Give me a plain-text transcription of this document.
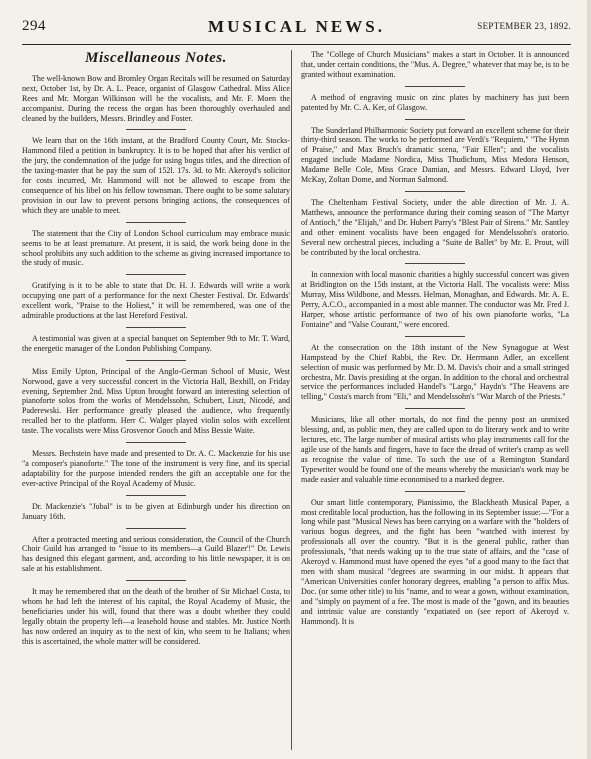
294	MUSICAL NEWS.	SEPTEMBER 23, 1892.
Miscellaneous Notes.

The well-known Bow and Bromley Organ Recitals will be resumed on Saturday next, October 1st, by Dr. A. L. Peace, organist of Glasgow Cathedral. Miss Alice Rees and Mr. Morgan Wilkinson will be the vocalists, and Mr. F. Moen the accompanist. During the recess the organ has been thoroughly overhauled and cleaned by the builders, Messrs. Brindley and Foster.

We learn that on the 16th instant, at the Bradford County Court, Mr. Stocks-Hammond filed a petition in bankruptcy. It is to be hoped that after his verdict of the jury, the condemnation of the judge for using bogus titles, and the direction of the taxing-master that he pay the sum of 152l. 17s. 3d. to Mr. Akeroyd's solicitor for costs incurred, Mr. Hammond will not be allowed to escape from the consequence of his libel on his fellow townsman. There ought to be some salutary provision in our law to prevent persons bringing actions, the consequences of which they are unable to meet.

The statement that the City of London School curriculum may embrace music seems to be at least premature. At present, it is said, the work being done in the school prohibits any such addition to the scheme as giving increased importance to the study of music.

Gratifying is it to be able to state that Dr. H. J. Edwards will write a work occupying one part of a performance for the next Chester Festival. Dr. Edwards' excellent work, "Praise to the Holiest," it will be remembered, was one of the admirable productions at the last Hereford Festival.

A testimonial was given at a special banquet on September 9th to Mr. T. Ward, the energetic manager of the London Publishing Company.

Miss Emily Upton, Principal of the Anglo-German School of Music, West Norwood, gave a very successful concert in the Victoria Hall, Bexhill, on Friday evening, September 2nd. Miss Upton brought forward an interesting selection of pianoforte solos from the works of Mendelssohn, Schubert, Liszt, Nicodé, and Paderewski. Her performance greatly pleased the audience, who frequently recalled her to the platform. Herr C. Walger played violin solos with excellent taste. The vocalists were Miss Grosvenor Gooch and Miss Bessie Waite.

Messrs. Bechstein have made and presented to Dr. A. C. Mackenzie for his use "a composer's pianoforte." The tone of the instrument is very fine, and its special adaptability for the purpose intended renders the gift an acceptable one for the ever-active Principal of the Royal Academy of Music.

Dr. Mackenzie's "Jubal" is to be given at Edinburgh under his direction on January 16th.

After a protracted meeting and serious consideration, the Council of the Church Choir Guild has arranged to "issue to its members—a Guild Blazer'!" Dr. Lewis has designed this elegant garment, and, according to his little newspaper, it is on sale at his establishment.

It may be remembered that on the death of the brother of Sir Michael Costa, to whom he had left the interest of his capital, the Royal Academy of Music, the beneficiaries under his will, found that there was a doubt whether they could legally obtain the property left—a leasehold house and stables. Mr. Justice North has now ordered an inquiry as to the next of kin, who seem to be Italians; when this is ascertained, the whole matter will be considered.

The "College of Church Musicians" makes a start in October. It is announced that, under certain conditions, the "Mus. A. Degree," whatever that may be, is to be granted without examination.

A method of engraving music on zinc plates by machinery has just been patented by Mr. C. A. Ker, of Glasgow.

The Sunderland Philharmonic Society put forward an excellent scheme for their thirty-third season. The works to be performed are Verdi's "Requiem," "The Hymn of Praise," and Max Bruch's dramatic scena, "Fair Ellen"; and the vocalists engaged include Madame Nordica, Miss Thudichum, Miss Medora Henson, Madame Belle Cole, Miss Grace Damian, and Messrs. Edward Lloyd, Iver McKay, Zoltan Dome, and Norman Salmond.

The Cheltenham Festival Society, under the able direction of Mr. J. A. Matthews, announce the performance during their coming season of "The Martyr of Antioch," the "Elijah," and Dr. Hubert Parry's "Blest Pair of Sirens." Mr. Santley and other eminent vocalists have been engaged for Mendelssohn's oratorio. Several new orchestral pieces, including a "Suite de Ballet" by Mr. E. Prout, will be contributed by the local orchestra.

In connexion with local masonic charities a highly successful concert was given at Bridlington on the 15th instant, at the Victoria Hall. The vocalists were: Miss Murray, Miss Wildbone, and Messrs. Helman, Monaghan, and Edwards. Mr. A. E. Perry, A.C.O., accompanied in a most able manner. The conductor was Mr. Fred J. Harper, whose artistic performance of two of his own pianoforte works, "La Fontaine" and "Valse Courant," were encored.

At the consecration on the 18th instant of the New Synagogue at West Hampstead by the Chief Rabbi, the Rev. Dr. Herrmann Adler, an excellent selection of music was performed by Mr. D. M. Davis's choir and a small stringed orchestra, Mr. Davis presiding at the organ. In addition to the choral and orchestral service the performances included Handel's "Largo," Haydn's "The Heavens are telling," Costa's march from "Eli," and Mendelssohn's "War March of the Priests."

Musicians, like all other mortals, do not find the penny post an unmixed blessing, and, as public men, they are called upon to do literary work and to write lectures, etc. The large number of musical artists who play instruments call for the agile use of the hands and fingers, have to face the dread of writer's cramp as well as recognise the value of time. To such the use of a Remington Standard Typewriter would be found one of the means whereby the musician's work may be made easier and valuable time economised to a marked degree.

Our smart little contemporary, Pianissimo, the Blackheath Musical Paper, a most creditable local production, has the following in its September issue:—"For a long while past "Musical News has been carrying on a warfare with the "holders of various bogus degrees, and the fight has been "watched with interest by professionals all over the country. "But it is the general public, rather than professionals, "that needs waking up to the true state of affairs, and the "case of Akeroyd v. Hammond must have opened the eyes "of a good many to the fact that men with sham musical "degrees are swarming in our midst. It appears that "American Universities confer honorary degrees, enabling "a person to affix Mus. Doc. (or some other title) to his "name, and to wear a gown, without examination, and "simply on payment of a fee. The most is made of the "gown, and its beauties and intrinsic value are constantly "expatiated on (see report of Akeroyd v. Hammond). It is
